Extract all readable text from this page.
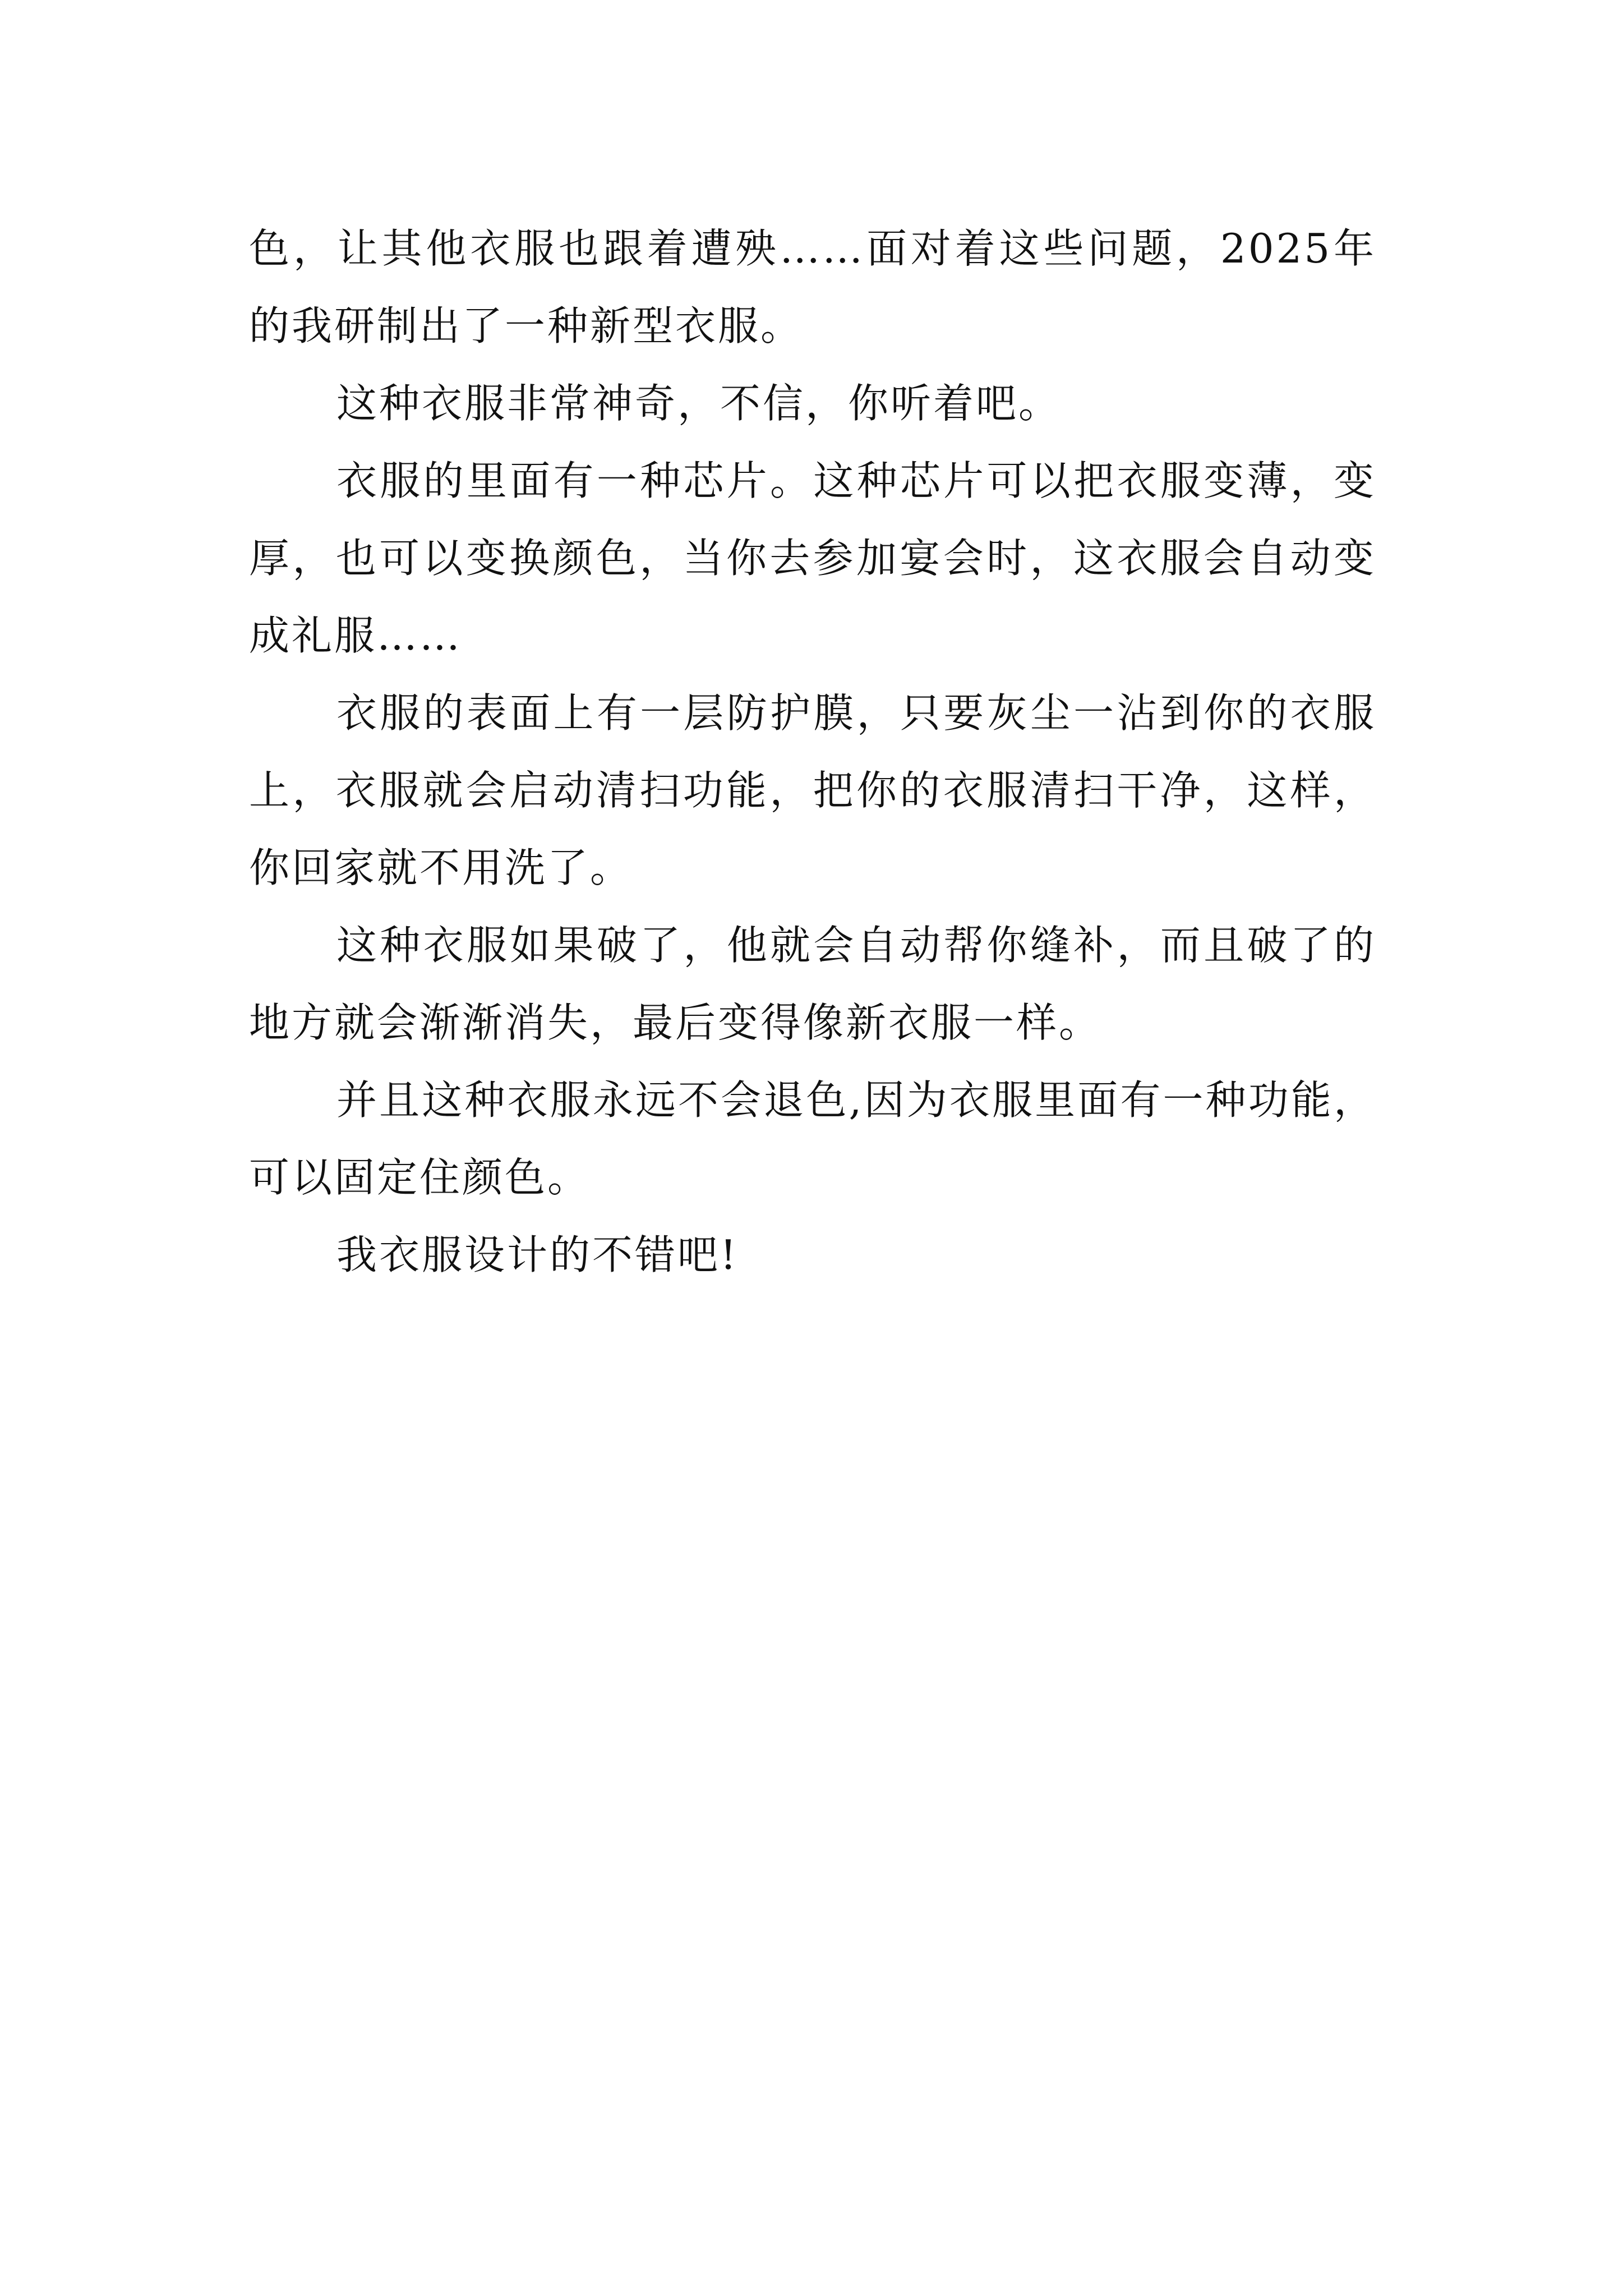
色，让其他衣服也跟着遭殃……面对着这些问题，2025年的我研制出了一种新型衣服。

这种衣服非常神奇，不信，你听着吧。

衣服的里面有一种芯片。这种芯片可以把衣服变薄，变厚，也可以变换颜色，当你去参加宴会时，这衣服会自动变成礼服……

衣服的表面上有一层防护膜，只要灰尘一沾到你的衣服上，衣服就会启动清扫功能，把你的衣服清扫干净，这样，你回家就不用洗了。

这种衣服如果破了，他就会自动帮你缝补，而且破了的地方就会渐渐消失，最后变得像新衣服一样。

并且这种衣服永远不会退色,因为衣服里面有一种功能，可以固定住颜色。

我衣服设计的不错吧!
